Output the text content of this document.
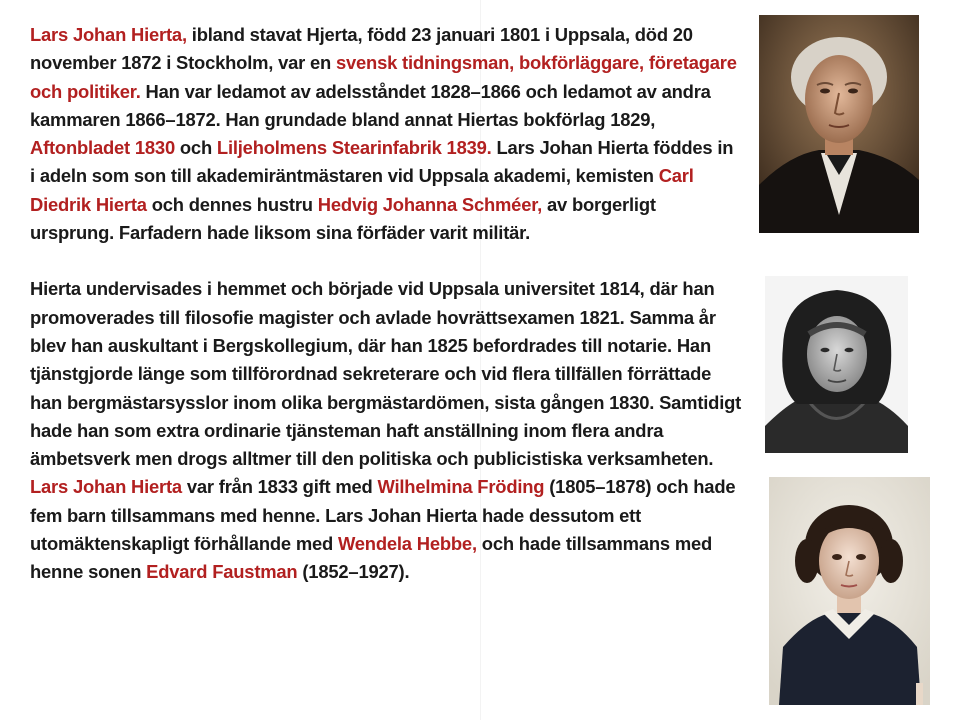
Lars Johan Hierta, ibland stavat Hjerta, född 23 januari 1801 i Uppsala, död 20 november 1872 i Stockholm, var en svensk tidningsman, bokförläggare, företagare och politiker. Han var ledamot av adelsståndet 1828–1866 och ledamot av andra kammaren 1866–1872. Han grundade bland annat Hiertas bokförlag 1829, Aftonbladet 1830 och Liljeholmens Stearinfabrik 1839. Lars Johan Hierta föddes in i adeln som son till akademiräntmästaren vid Uppsala akademi, kemisten Carl Diedrik Hierta och dennes hustru Hedvig Johanna Schméer, av borgerligt ursprung. Farfadern hade liksom sina förfäder varit militär.

Hierta undervisades i hemmet och började vid Uppsala universitet 1814, där han promoverades till filosofie magister och avlade hovrättsexamen 1821. Samma år blev han auskultant i Bergskollegium, där han 1825 befordrades till notarie. Han tjänstgjorde länge som tillförordnad sekreterare och vid flera tillfällen förrättade han bergmästarsysslor inom olika bergmästardömen, sista gången 1830. Samtidigt hade han som extra ordinarie tjänsteman haft anställning inom flera andra ämbetsverk men drogs alltmer till den politiska och publicistiska verksamheten. Lars Johan Hierta var från 1833 gift med Wilhelmina Fröding (1805–1878) och hade fem barn tillsammans med henne. Lars Johan Hierta hade dessutom ett utomäktenskapligt förhållande med Wendela Hebbe, och hade tillsammans med henne sonen Edvard Faustman (1852–1927).
